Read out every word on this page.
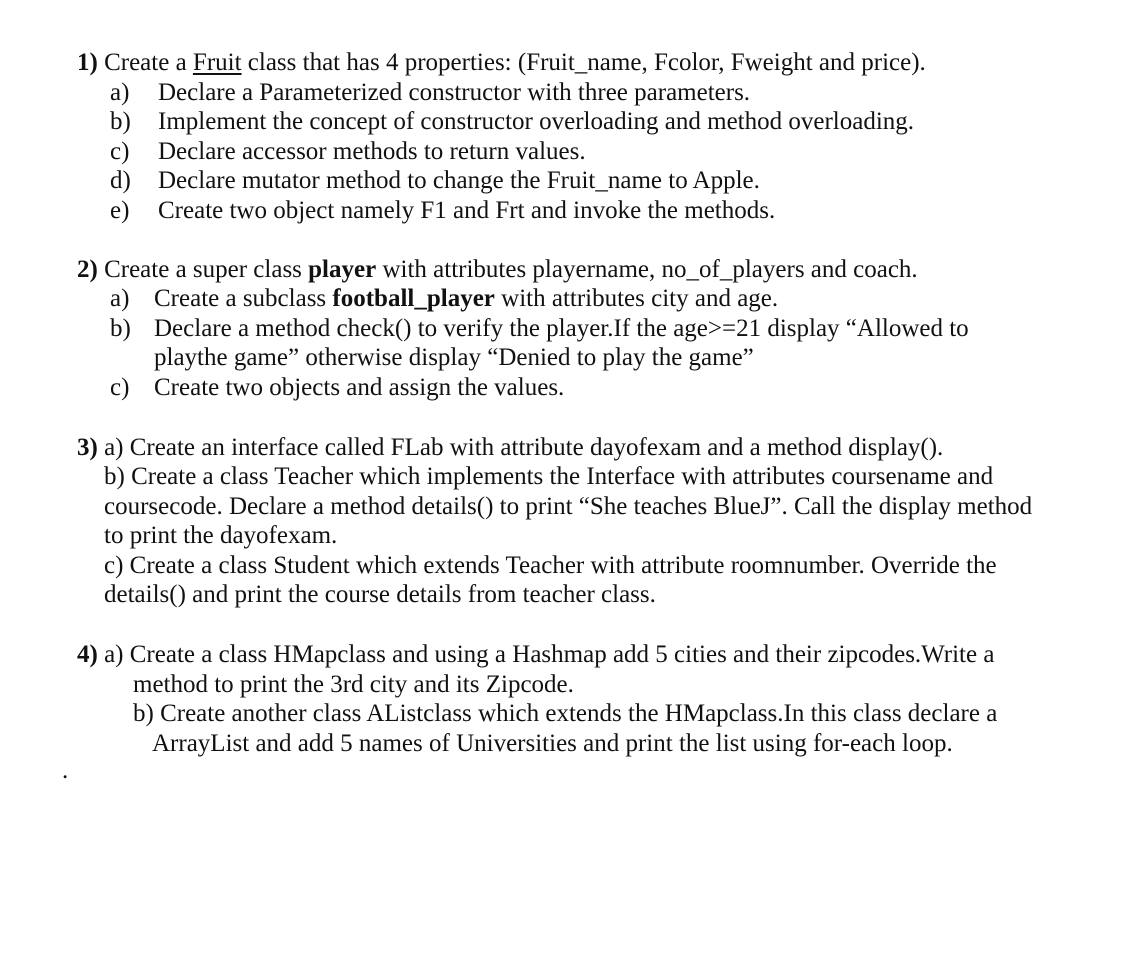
1) Create a Fruit class that has 4 properties: (Fruit_name, Fcolor, Fweight and price).
a) Declare a Parameterized constructor with three parameters.
b) Implement the concept of constructor overloading and method overloading.
c) Declare accessor methods to return values.
d) Declare mutator method to change the Fruit_name to Apple.
e) Create two object namely F1 and Frt and invoke the methods.
2) Create a super class player with attributes playername, no_of_players and coach.
a) Create a subclass football_player with attributes city and age.
b) Declare a method check() to verify the player.If the age>=21 display “Allowed to
playthe game” otherwise display “Denied to play the game”
c) Create two objects and assign the values.
3) a) Create an interface called FLab with attribute dayofexam and a method display().
b) Create a class Teacher which implements the Interface with attributes coursename and
coursecode. Declare a method details() to print “She teaches BlueJ”. Call the display method
to print the dayofexam.
c) Create a class Student which extends Teacher with attribute roomnumber. Override the
details() and print the course details from teacher class.
4) a) Create a class HMapclass and using a Hashmap add 5 cities and their zipcodes.Write a
method to print the 3rd city and its Zipcode.
b) Create another class AListclass which extends the HMapclass.In this class declare a
ArrayList and add 5 names of Universities and print the list using for-each loop.
.
